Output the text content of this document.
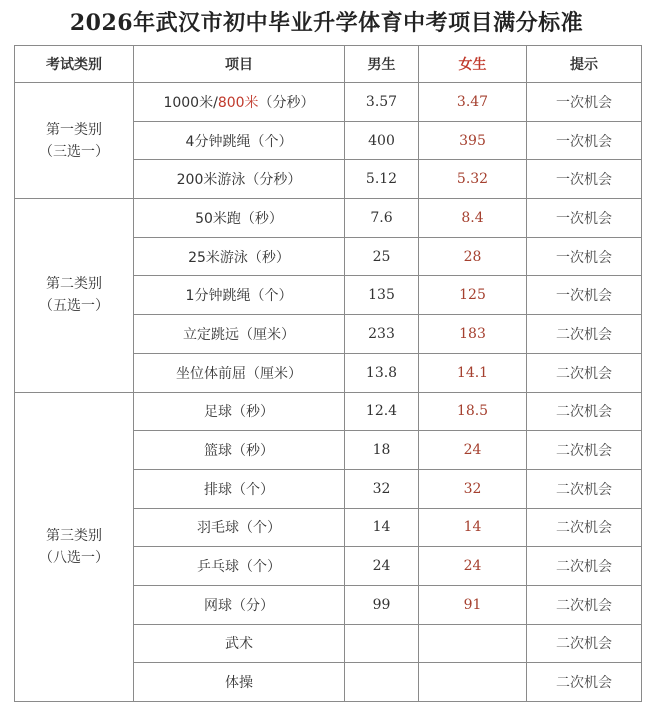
2026年武汉市初中毕业升学体育中考项目满分标准
考试类别	项目	男生	女生	提示

第一类别
（三选一）	1000米/800米（分秒）	3.57	3.47	一次机会
	4分钟跳绳（个）	400	395	一次机会
	200米游泳（分秒）	5.12	5.32	一次机会

第二类别
（五选一）	50米跑（秒）	7.6	8.4	一次机会
	25米游泳（秒）	25	28	一次机会
	1分钟跳绳（个）	135	125	一次机会
	立定跳远（厘米）	233	183	二次机会
	坐位体前屈（厘米）	13.8	14.1	二次机会

第三类别
（八选一）	足球（秒）	12.4	18.5	二次机会
	篮球（秒）	18	24	二次机会
	排球（个）	32	32	二次机会
	羽毛球（个）	14	14	二次机会
	乒乓球（个）	24	24	二次机会
	网球（分）	99	91	二次机会
	武术			二次机会
	体操			二次机会
